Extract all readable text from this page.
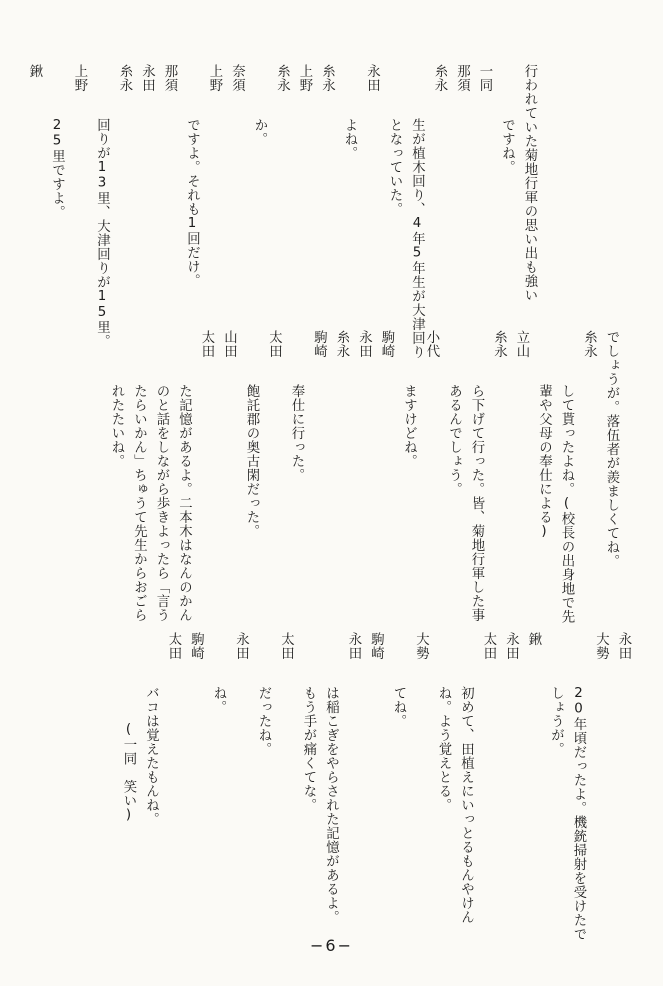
行われていた菊地行軍の思い出も強い
ですね。
一同
那須
糸永
生が植木回り、4年5年生が大津回り
となっていた。
永田
よね。
糸永
上野
糸永
か。
奈須
上野
ですよ。それも1回だけ。
那須
永田
糸永
回りが13里、大津回りが15里。
上野
25里ですよ。
鍬
でしょうが。落伍者が羨ましくてね。
糸永
して貰ったよね。(校長の出身地で先
輩や父母の奉仕による)
立山
糸永
ら下げて行った。皆、菊地行軍した事
あるんでしょう。
小代
ますけどね。
駒崎
永田
糸永
駒崎
奉仕に行った。
太田
飽託郡の奥古閑だった。
山田
太田
た記憶があるよ。二本木はなんのかん
のと話をしながら歩きよったら「言う
たらいかん」ちゅうて先生からおごら
れたたいね。
永田
大勢
20年頃だったよ。機銃掃射を受けたで
しょうが。
鍬
永田
太田
初めて、田植えにいっとるもんやけん
ね。よう覚えとる。
大勢
てね。
駒崎
永田
は稲こぎをやらされた記憶があるよ。
もう手が痛くてな。
太田
だったね。
永田
ね。
駒崎
太田
バコは覚えたもんね。
(一同　笑い)
−6−
